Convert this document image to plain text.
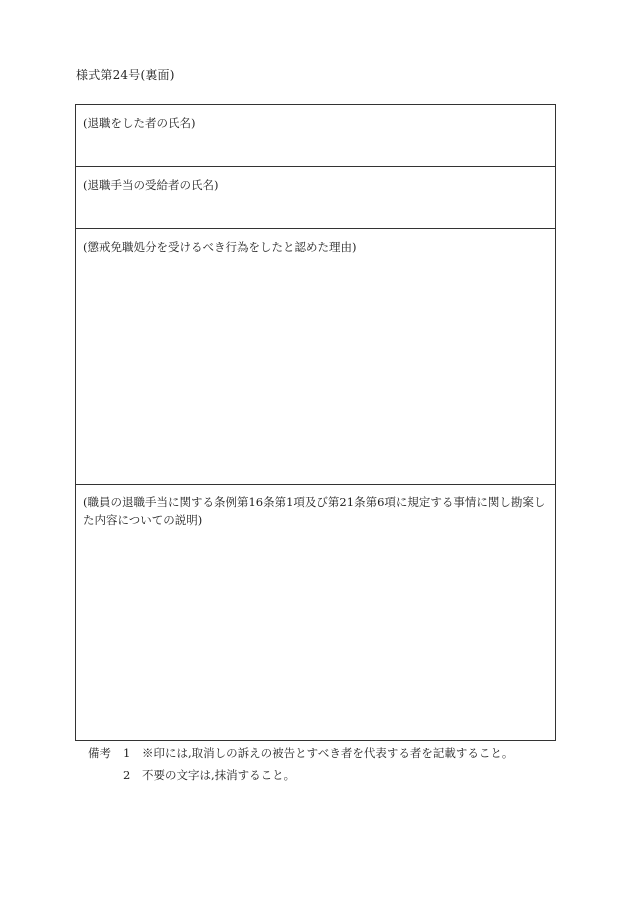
様式第24号(裏面)
(退職をした者の氏名)
(退職手当の受給者の氏名)
(懲戒免職処分を受けるべき行為をしたと認めた理由)
(職員の退職手当に関する条例第16条第1項及び第21条第6項に規定する事情に関し勘案した内容についての説明)
備考 1 ※印には,取消しの訴えの被告とすべき者を代表する者を記載すること。
2 不要の文字は,抹消すること。
